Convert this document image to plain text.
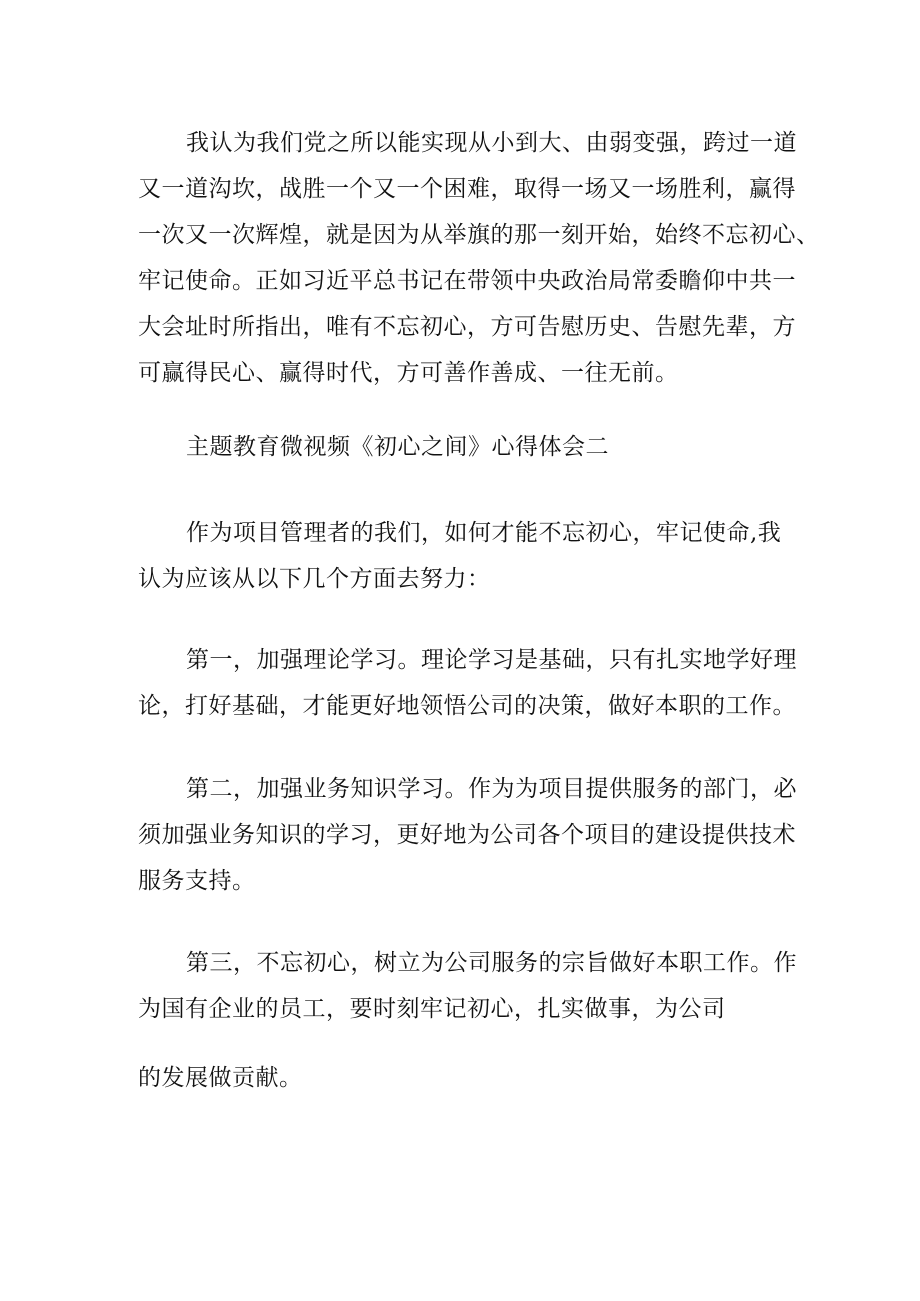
我认为我们党之所以能实现从小到大、由弱变强，跨过一道
又一道沟坎，战胜一个又一个困难，取得一场又一场胜利，赢得
一次又一次辉煌，就是因为从举旗的那一刻开始，始终不忘初心、
牢记使命。正如习近平总书记在带领中央政治局常委瞻仰中共一
大会址时所指出，唯有不忘初心，方可告慰历史、告慰先辈，方
可赢得民心、赢得时代，方可善作善成、一往无前。
主题教育微视频《初心之间》心得体会二
作为项目管理者的我们，如何才能不忘初心，牢记使命,我
认为应该从以下几个方面去努力：
第一，加强理论学习。理论学习是基础，只有扎实地学好理
论，打好基础，才能更好地领悟公司的决策，做好本职的工作。
第二，加强业务知识学习。作为为项目提供服务的部门，必
须加强业务知识的学习，更好地为公司各个项目的建设提供技术
服务支持。
第三，不忘初心，树立为公司服务的宗旨做好本职工作。作
为国有企业的员工，要时刻牢记初心，扎实做事，为公司
的发展做贡献。
